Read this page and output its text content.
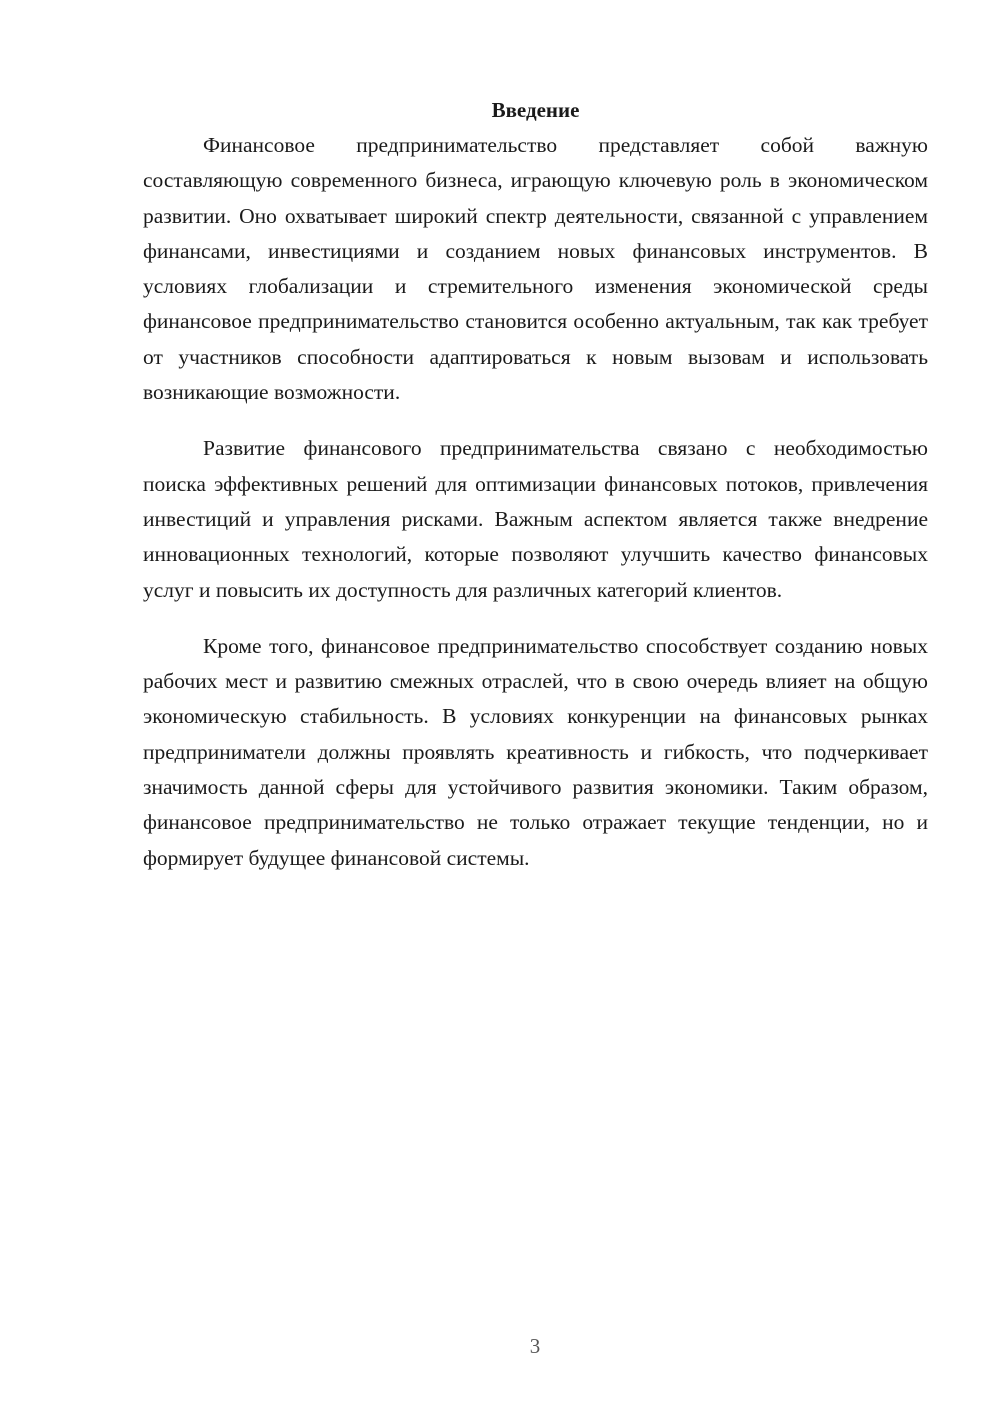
Введение

Финансовое предпринимательство представляет собой важную составляющую современного бизнеса, играющую ключевую роль в экономическом развитии. Оно охватывает широкий спектр деятельности, связанной с управлением финансами, инвестициями и созданием новых финансовых инструментов. В условиях глобализации и стремительного изменения экономической среды финансовое предпринимательство становится особенно актуальным, так как требует от участников способности адаптироваться к новым вызовам и использовать возникающие возможности.

Развитие финансового предпринимательства связано с необходимостью поиска эффективных решений для оптимизации финансовых потоков, привлечения инвестиций и управления рисками. Важным аспектом является также внедрение инновационных технологий, которые позволяют улучшить качество финансовых услуг и повысить их доступность для различных категорий клиентов.

Кроме того, финансовое предпринимательство способствует созданию новых рабочих мест и развитию смежных отраслей, что в свою очередь влияет на общую экономическую стабильность. В условиях конкуренции на финансовых рынках предприниматели должны проявлять креативность и гибкость, что подчеркивает значимость данной сферы для устойчивого развития экономики. Таким образом, финансовое предпринимательство не только отражает текущие тенденции, но и формирует будущее финансовой системы.

3
